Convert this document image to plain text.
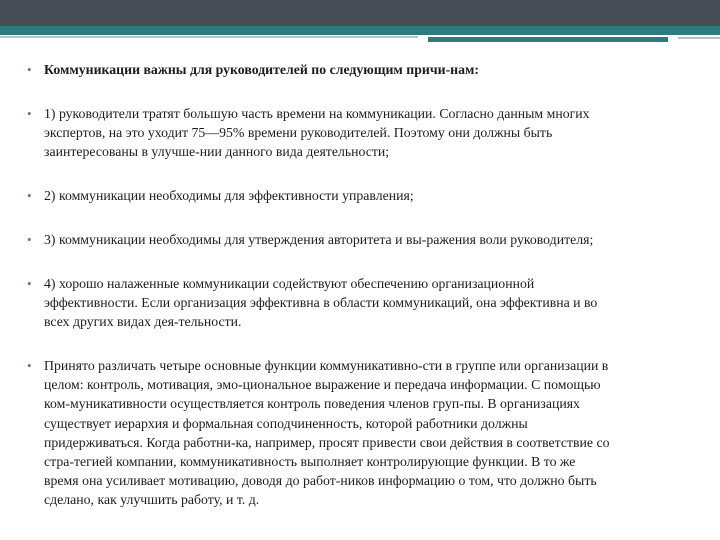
• Коммуникации важны для руководителей по следующим причи-нам:
• 1) руководители тратят большую часть времени на коммуникации. Согласно данным многих
экспертов, на это уходит 75—95% времени руководителей. Поэтому они должны быть
заинтересованы в улучше-нии данного вида деятельности;
• 2) коммуникации необходимы для эффективности управления;
• 3) коммуникации необходимы для утверждения авторитета и вы-ражения воли руководителя;
• 4) хорошо налаженные коммуникации содействуют обеспечению организационной
эффективности. Если организация эффективна в области коммуникаций, она эффективна и во
всех других видах дея-тельности.
• Принято различать четыре основные функции коммуникативно-сти в группе или организации в
целом: контроль, мотивация, эмо-циональное выражение и передача информации. С помощью
ком-муникативности осуществляется контроль поведения членов груп-пы. В организациях
существует иерархия и формальная соподчиненность, которой работники должны
придерживаться. Когда работни-ка, например, просят привести свои действия в соответствие со
стра-тегией компании, коммуникативность выполняет контролирующие функции. В то же
время она усиливает мотивацию, доводя до работ-ников информацию о том, что должно быть
сделано, как улучшить работу, и т. д.
